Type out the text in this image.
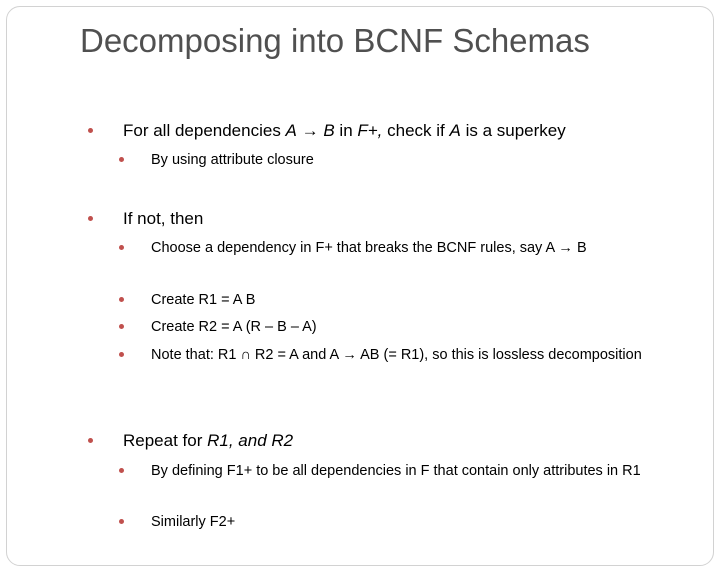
Decomposing into BCNF Schemas
For all dependencies A → B in F+, check if A is a superkey
By using attribute closure
If not, then
Choose a dependency in F+ that breaks the BCNF rules, say A → B
Create R1 = A B
Create R2 = A (R – B – A)
Note that: R1 ∩ R2 = A and A → AB (= R1), so this is lossless decomposition
Repeat for R1, and R2
By defining F1+ to be all dependencies in F that contain only attributes in R1
Similarly F2+
